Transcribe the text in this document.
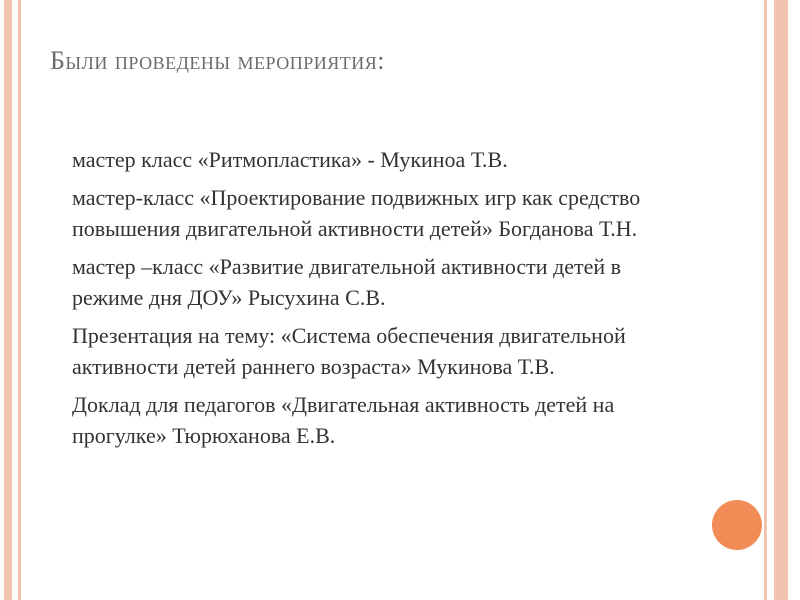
Были проведены мероприятия:
мастер класс «Ритмопластика» - Мукиноа Т.В.
мастер-класс «Проектирование подвижных игр как средство повышения двигательной активности детей» Богданова Т.Н.
мастер –класс «Развитие двигательной активности детей в режиме дня ДОУ» Рысухина С.В.
Презентация на тему: «Система обеспечения двигательной активности детей раннего возраста» Мукинова Т.В.
Доклад для педагогов «Двигательная активность детей на прогулке» Тюрюханова Е.В.
